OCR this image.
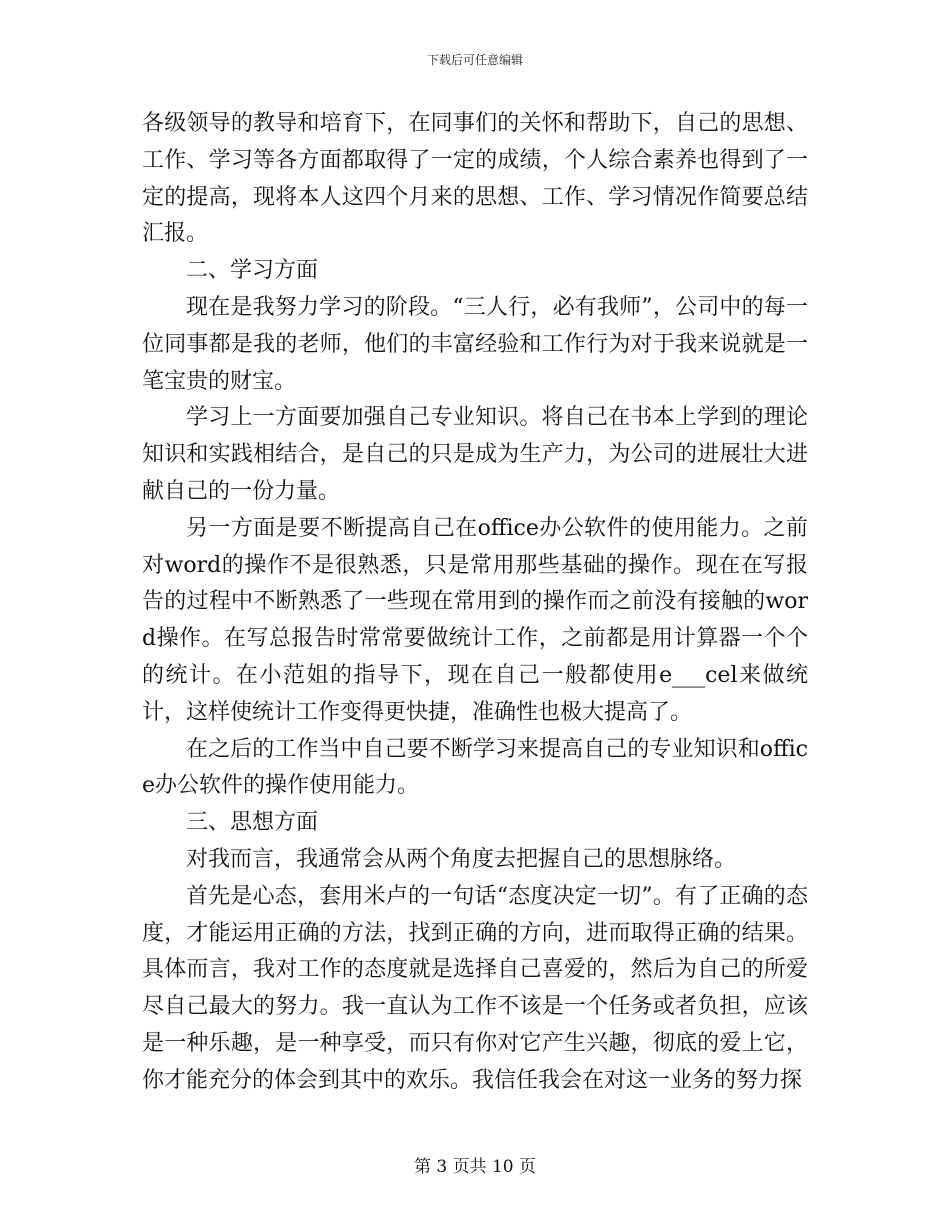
下载后可任意编辑

各级领导的教导和培育下，在同事们的关怀和帮助下，自己的思想、工作、学习等各方面都取得了一定的成绩，个人综合素养也得到了一定的提高，现将本人这四个月来的思想、工作、学习情况作简要总结汇报。

二、学习方面

现在是我努力学习的阶段。“三人行，必有我师”，公司中的每一位同事都是我的老师，他们的丰富经验和工作行为对于我来说就是一笔宝贵的财宝。

学习上一方面要加强自己专业知识。将自己在书本上学到的理论知识和实践相结合，是自己的只是成为生产力，为公司的进展壮大进献自己的一份力量。

另一方面是要不断提高自己在office办公软件的使用能力。之前对word的操作不是很熟悉，只是常用那些基础的操作。现在在写报告的过程中不断熟悉了一些现在常用到的操作而之前没有接触的word操作。在写总报告时常常要做统计工作，之前都是用计算器一个个的统计。在小范姐的指导下，现在自己一般都使用e___cel来做统计，这样使统计工作变得更快捷，准确性也极大提高了。

在之后的工作当中自己要不断学习来提高自己的专业知识和office办公软件的操作使用能力。

三、思想方面

对我而言，我通常会从两个角度去把握自己的思想脉络。

首先是心态，套用米卢的一句话“态度决定一切”。有了正确的态度，才能运用正确的方法，找到正确的方向，进而取得正确的结果。具体而言，我对工作的态度就是选择自己喜爱的，然后为自己的所爱尽自己最大的努力。我一直认为工作不该是一个任务或者负担，应该是一种乐趣，是一种享受，而只有你对它产生兴趣，彻底的爱上它，你才能充分的体会到其中的欢乐。我信任我会在对这一业务的努力探

第 3 页共 10 页
